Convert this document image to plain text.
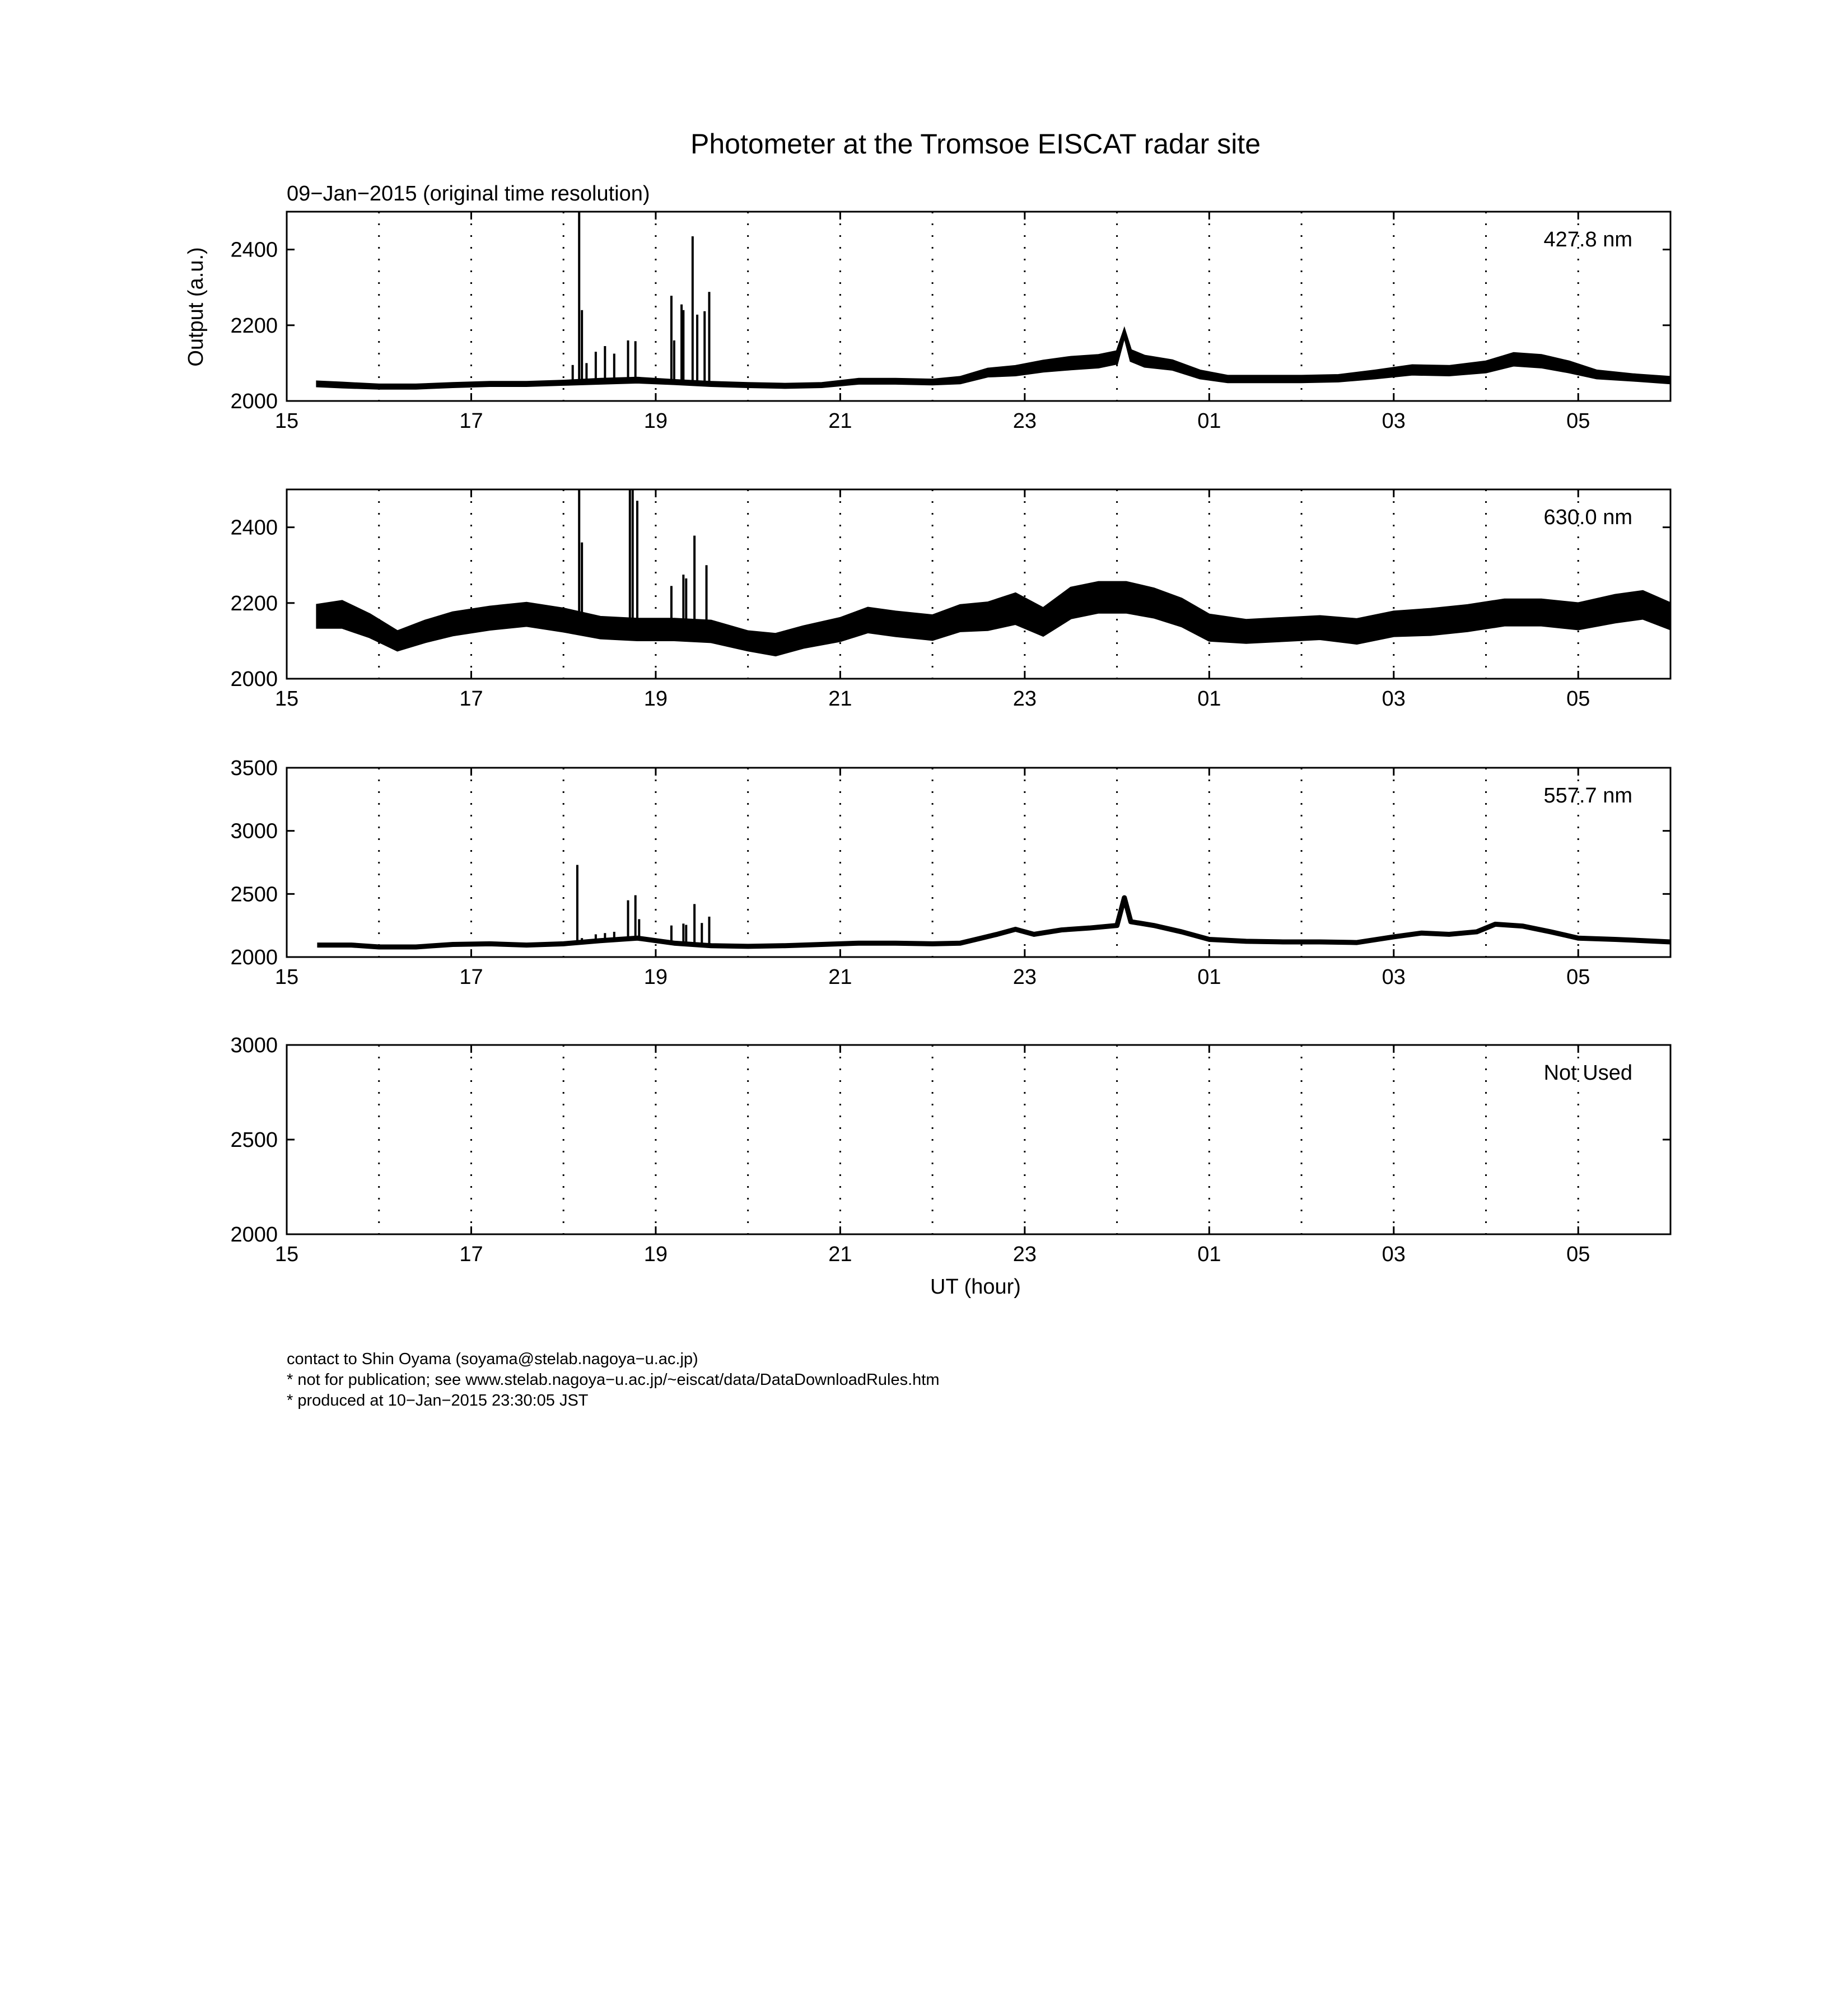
Photometer at the Tromsoe EISCAT radar site
09−Jan−2015 (original time resolution)
Output (a.u.)
UT (hour)
15	17	19	21	23	01	03	05
2000
2200
2400	427.8 nm
15	17	19	21	23	01	03	05
2000
2200
2400	630.0 nm
15	17	19	21	23	01	03	05
2000
2500
3000
3500
557.7 nm
15	17	19	21	23	01	03	05
2000
2500
3000
Not Used
contact to Shin Oyama (soyama@stelab.nagoya−u.ac.jp)
* not for publication; see www.stelab.nagoya−u.ac.jp/~eiscat/data/DataDownloadRules.htm
* produced at 10−Jan−2015 23:30:05 JST
